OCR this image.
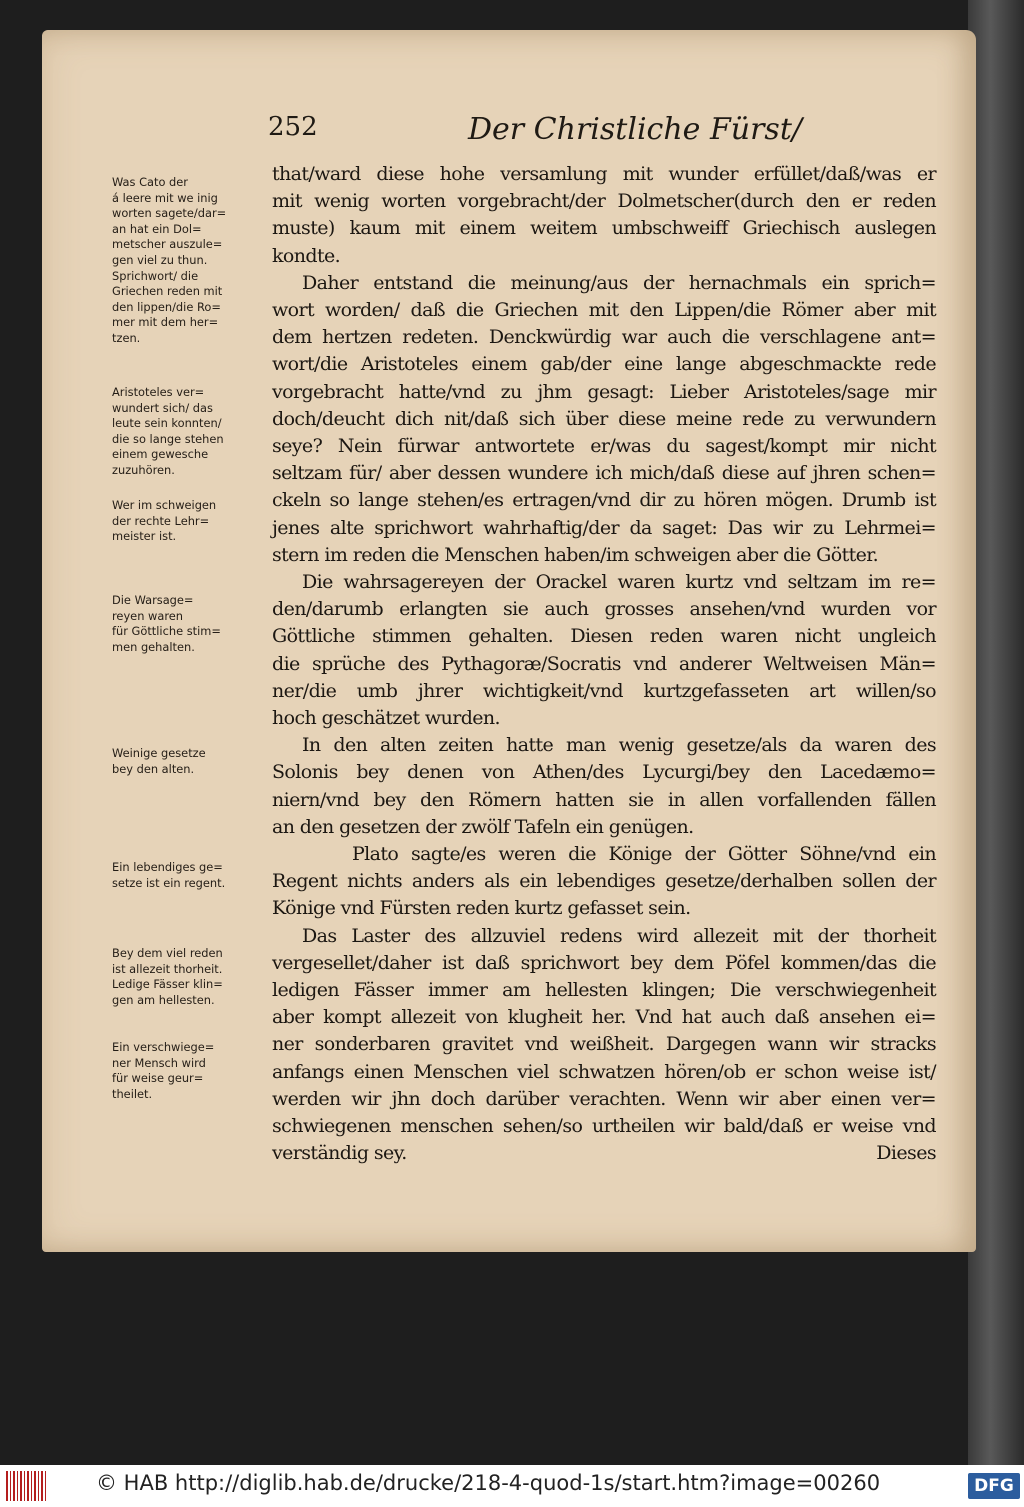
252	Der Christliche Fürst/
Was Cato der
á leere mit we inig
worten sagete/dar=
an hat ein Dol=
metscher auszule=
gen viel zu thun.
Sprichwort/ die
Griechen reden mit
den lippen/die Ro=
mer mit dem her=
tzen.
Aristoteles ver=
wundert sich/ das
leute sein konnten/
die so lange stehen
einem gewesche
zuzuhören.
Wer im schweigen
der rechte Lehr=
meister ist.
Die Warsage=
reyen waren
für Göttliche stim=
men gehalten.
Weinige gesetze
bey den alten.
Ein lebendiges ge=
setze ist ein regent.
Bey dem viel reden
ist allezeit thorheit.
Ledige Fässer klin=
gen am hellesten.
Ein verschwiege=
ner Mensch wird
für weise geur=
theilet.
that/ward diese hohe versamlung mit wunder erfüllet/daß/was er
mit wenig worten vorgebracht/der Dolmetscher(durch den er reden
muste) kaum mit einem weitem umbschweiff Griechisch auslegen
kondte.
Daher entstand die meinung/aus der hernachmals ein sprich=
wort worden/ daß die Griechen mit den Lippen/die Römer aber mit
dem hertzen redeten. Denckwürdig war auch die verschlagene ant=
wort/die Aristoteles einem gab/der eine lange abgeschmackte rede
vorgebracht hatte/vnd zu jhm gesagt: Lieber Aristoteles/sage mir
doch/deucht dich nit/daß sich über diese meine rede zu verwundern
seye? Nein fürwar antwortete er/was du sagest/kompt mir nicht
seltzam für/ aber dessen wundere ich mich/daß diese auf jhren schen=
ckeln so lange stehen/es ertragen/vnd dir zu hören mögen. Drumb ist
jenes alte sprichwort wahrhaftig/der da saget: Das wir zu Lehrmei=
stern im reden die Menschen haben/im schweigen aber die Götter.
Die wahrsagereyen der Orackel waren kurtz vnd seltzam im re=
den/darumb erlangten sie auch grosses ansehen/vnd wurden vor
Göttliche stimmen gehalten. Diesen reden waren nicht ungleich
die sprüche des Pythagoræ/Socratis vnd anderer Weltweisen Män=
ner/die umb jhrer wichtigkeit/vnd kurtzgefasseten art willen/so
hoch geschätzet wurden.
In den alten zeiten hatte man wenig gesetze/als da waren des
Solonis bey denen von Athen/des Lycurgi/bey den Lacedæmo=
niern/vnd bey den Römern hatten sie in allen vorfallenden fällen
an den gesetzen der zwölf Tafeln ein genügen.
Plato sagte/es weren die Könige der Götter Söhne/vnd ein
Regent nichts anders als ein lebendiges gesetze/derhalben sollen der
Könige vnd Fürsten reden kurtz gefasset sein.
Das Laster des allzuviel redens wird allezeit mit der thorheit
vergesellet/daher ist daß sprichwort bey dem Pöfel kommen/das die
ledigen Fässer immer am hellesten klingen; Die verschwiegenheit
aber kompt allezeit von klugheit her. Vnd hat auch daß ansehen ei=
ner sonderbaren gravitet vnd weißheit. Dargegen wann wir stracks
anfangs einen Menschen viel schwatzen hören/ob er schon weise ist/
werden wir jhn doch darüber verachten. Wenn wir aber einen ver=
schwiegenen menschen sehen/so urtheilen wir bald/daß er weise vnd
verständig sey.	Dieses
© HAB http://diglib.hab.de/drucke/218-4-quod-1s/start.htm?image=00260	DFG
